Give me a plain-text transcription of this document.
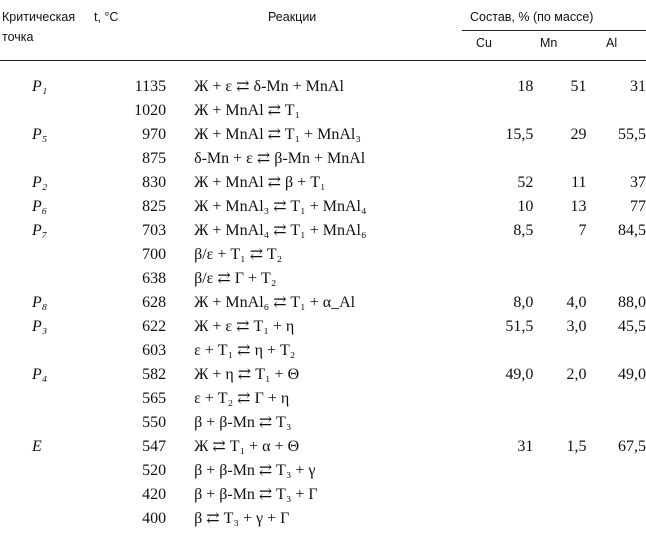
Критическая
точка
t, °C	Реакции	Состав, % (по массе)
Cu	Mn	Al
P₁	1135	Ж + ε ⇄ δ-Mn + MnAl	18	51	31
	1020	Ж + MnAl ⇄ T₁			
P₅	970	Ж + MnAl ⇄ T₁ + MnAl₃	15,5	29	55,5
	875	δ-Mn + ε ⇄ β-Mn + MnAl			
P₂	830	Ж + MnAl ⇄ β + T₁	52	11	37
P₆	825	Ж + MnAl₃ ⇄ T₁ + MnAl₄	10	13	77
P₇	703	Ж + MnAl₄ ⇄ T₁ + MnAl₆	8,5	7	84,5
	700	β/ε + T₁ ⇄ T₂			
	638	β/ε ⇄ Γ + T₂			
P₈	628	Ж + MnAl₆ ⇄ T₁ + α_Al	8,0	4,0	88,0
P₃	622	Ж + ε ⇄ T₁ + η	51,5	3,0	45,5
	603	ε + T₁ ⇄ η + T₂			
P₄	582	Ж + η ⇄ T₁ + Θ	49,0	2,0	49,0
	565	ε + T₂ ⇄ Γ + η			
	550	β + β-Mn ⇄ T₃			
E	547	Ж ⇄ T₁ + α + Θ	31	1,5	67,5
	520	β + β-Mn ⇄ T₃ + γ			
	420	β + β-Mn ⇄ T₃ + Γ			
	400	β ⇄ T₃ + γ + Γ			
